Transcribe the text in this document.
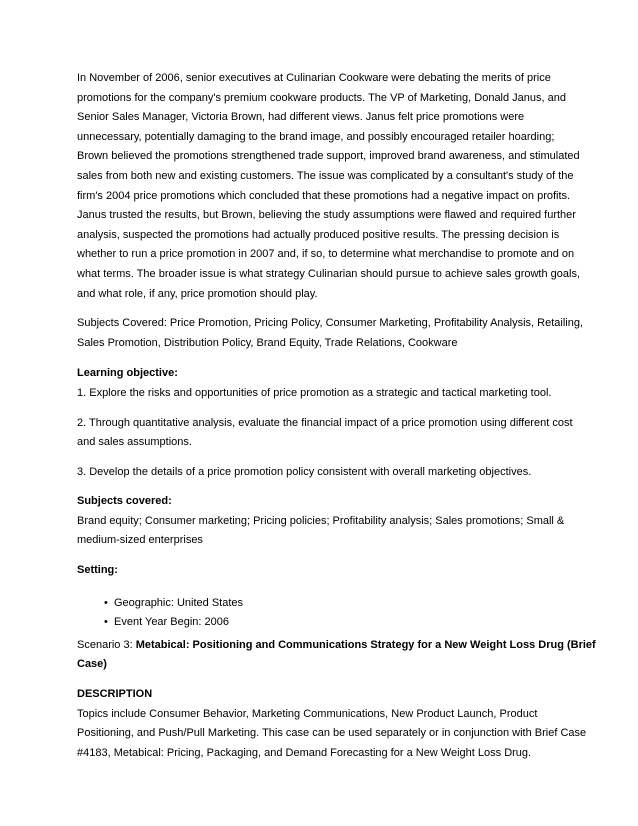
In November of 2006, senior executives at Culinarian Cookware were debating the merits of price
promotions for the company's premium cookware products. The VP of Marketing, Donald Janus, and
Senior Sales Manager, Victoria Brown, had different views. Janus felt price promotions were
unnecessary, potentially damaging to the brand image, and possibly encouraged retailer hoarding;
Brown believed the promotions strengthened trade support, improved brand awareness, and stimulated
sales from both new and existing customers. The issue was complicated by a consultant's study of the
firm's 2004 price promotions which concluded that these promotions had a negative impact on profits.
Janus trusted the results, but Brown, believing the study assumptions were flawed and required further
analysis, suspected the promotions had actually produced positive results. The pressing decision is
whether to run a price promotion in 2007 and, if so, to determine what merchandise to promote and on
what terms. The broader issue is what strategy Culinarian should pursue to achieve sales growth goals,
and what role, if any, price promotion should play.
Subjects Covered: Price Promotion, Pricing Policy, Consumer Marketing, Profitability Analysis, Retailing,
Sales Promotion, Distribution Policy, Brand Equity, Trade Relations, Cookware
Learning objective:
1. Explore the risks and opportunities of price promotion as a strategic and tactical marketing tool.
2. Through quantitative analysis, evaluate the financial impact of a price promotion using different cost
and sales assumptions.
3. Develop the details of a price promotion policy consistent with overall marketing objectives.
Subjects covered:
Brand equity; Consumer marketing; Pricing policies; Profitability analysis; Sales promotions; Small &
medium-sized enterprises
Setting:
• Geographic: United States
• Event Year Begin: 2006
Scenario 3: Metabical: Positioning and Communications Strategy for a New Weight Loss Drug (Brief
Case)
DESCRIPTION
Topics include Consumer Behavior, Marketing Communications, New Product Launch, Product
Positioning, and Push/Pull Marketing. This case can be used separately or in conjunction with Brief Case
#4183, Metabical: Pricing, Packaging, and Demand Forecasting for a New Weight Loss Drug.
